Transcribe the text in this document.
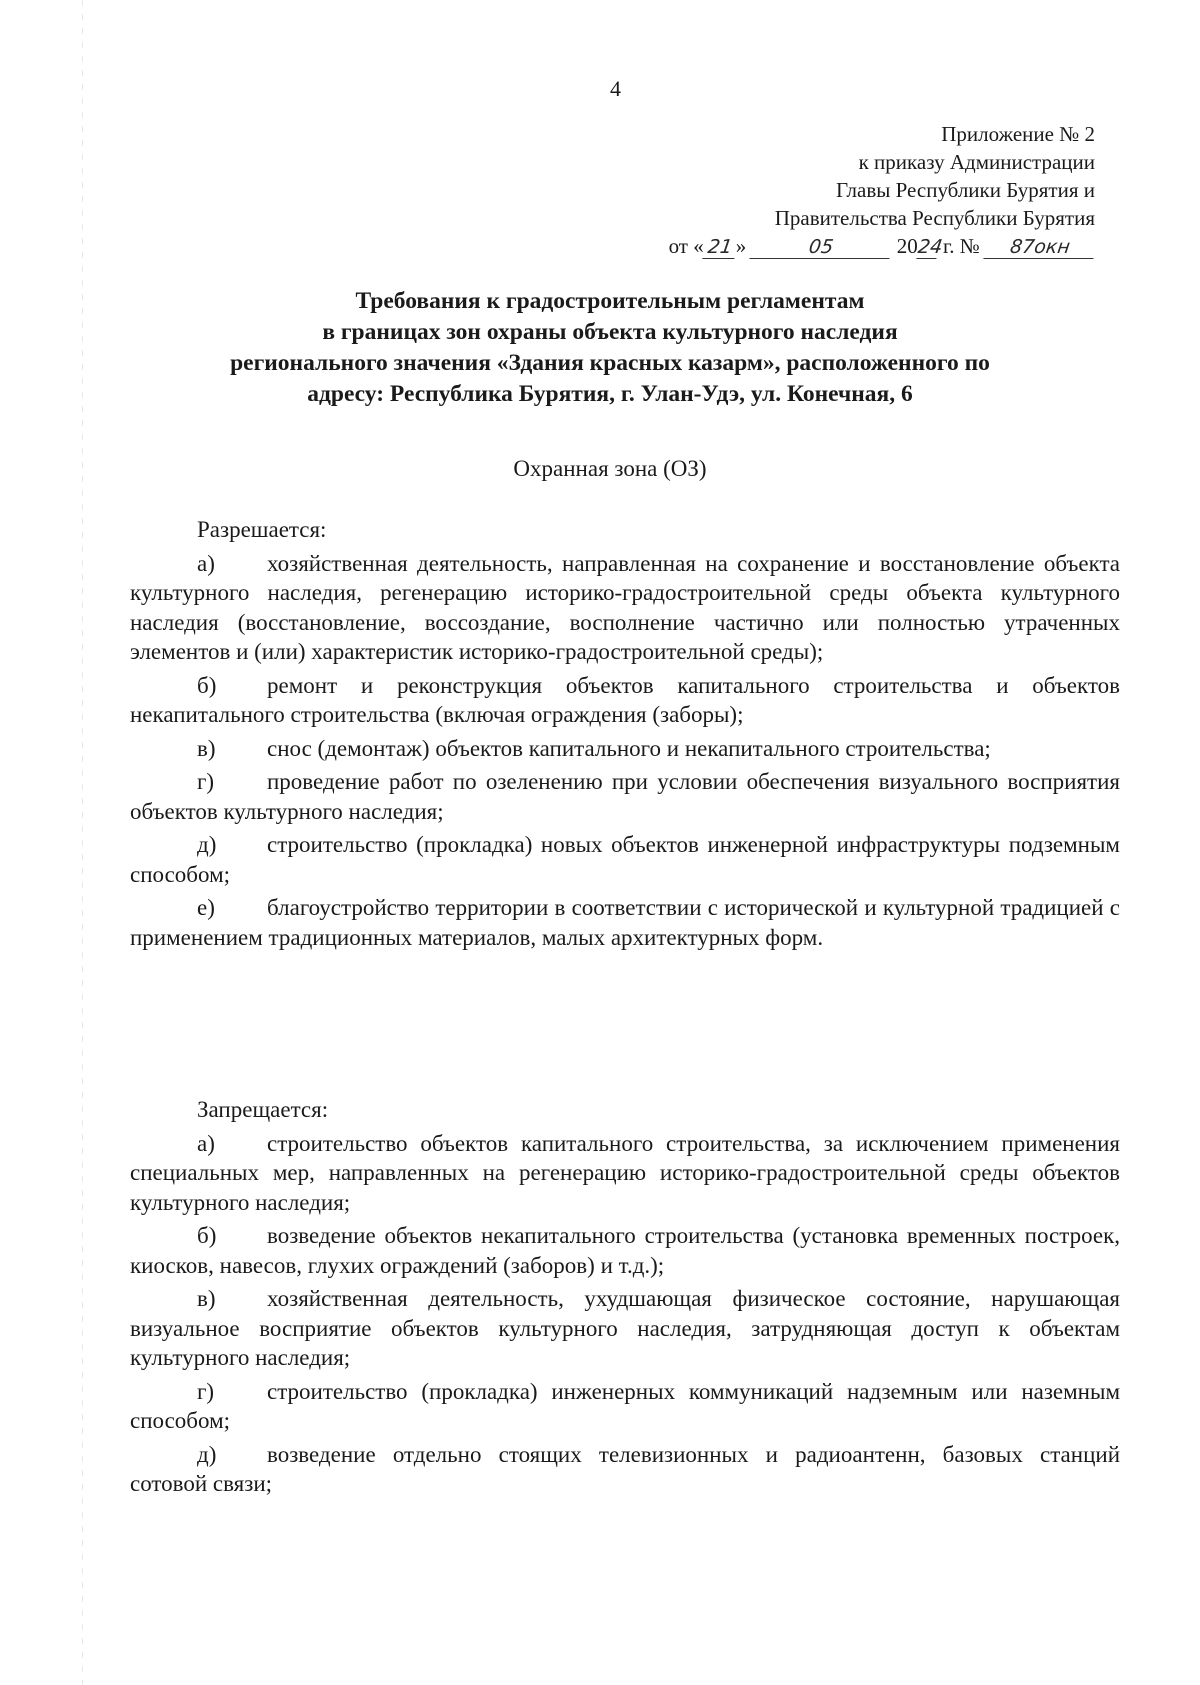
4
Приложение № 2
к приказу Администрации
Главы Республики Бурятия и
Правительства Республики Бурятия
от « 21 »	05	2024 г. № 87окн
Требования к градостроительным регламентам
в границах зон охраны объекта культурного наследия
регионального значения «Здания красных казарм», расположенного по
адресу: Республика Бурятия, г. Улан-Удэ, ул. Конечная, 6
Охранная зона (ОЗ)
Разрешается:

а) хозяйственная деятельность, направленная на сохранение и восстановление объекта культурного наследия, регенерацию историко-градостроительной среды объекта культурного наследия (восстановление, воссоздание, восполнение частично или полностью утраченных элементов и (или) характеристик историко-градостроительной среды);

б) ремонт и реконструкция объектов капитального строительства и объектов некапитального строительства (включая ограждения (заборы);

в) снос (демонтаж) объектов капитального и некапитального строительства;

г) проведение работ по озеленению при условии обеспечения визуального восприятия объектов культурного наследия;

д) строительство (прокладка) новых объектов инженерной инфраструктуры подземным способом;

е) благоустройство территории в соответствии с исторической и культурной традицией с применением традиционных материалов, малых архитектурных форм.

Запрещается:

а) строительство объектов капитального строительства, за исключением применения специальных мер, направленных на регенерацию историко-градостроительной среды объектов культурного наследия;

б) возведение объектов некапитального строительства (установка временных построек, киосков, навесов, глухих ограждений (заборов) и т.д.);

в) хозяйственная деятельность, ухудшающая физическое состояние, нарушающая визуальное восприятие объектов культурного наследия, затрудняющая доступ к объектам культурного наследия;

г) строительство (прокладка) инженерных коммуникаций надземным или наземным способом;

д) возведение отдельно стоящих телевизионных и радиоантенн, базовых станций сотовой связи;
